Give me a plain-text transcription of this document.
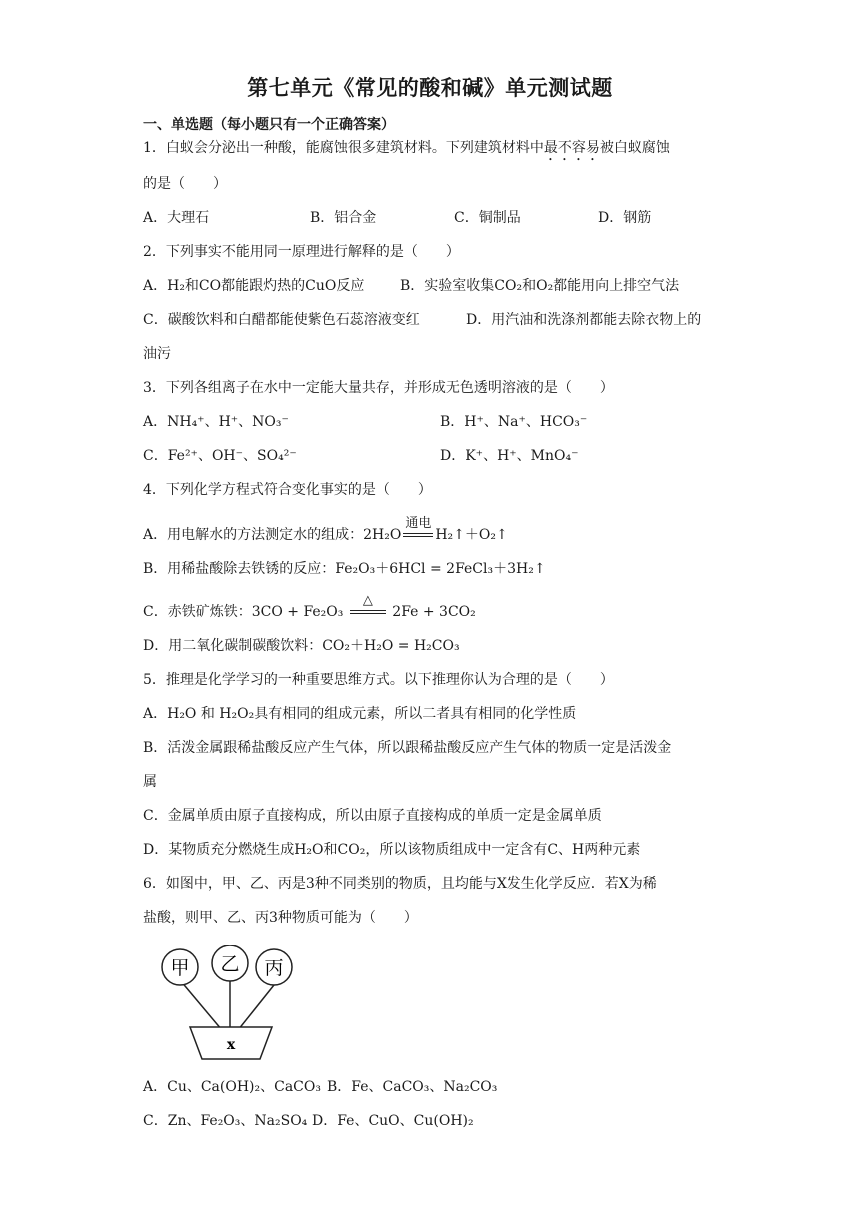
第七单元《常见的酸和碱》单元测试题
一、单选题（每小题只有一个正确答案）
1．白蚁会分泌出一种酸，能腐蚀很多建筑材料。下列建筑材料中最不容易被白蚁腐蚀
的是（　　）
A．大理石	B．铝合金	C．铜制品	D．钢筋
2．下列事实不能用同一原理进行解释的是（　　）
A．H₂和CO都能跟灼热的CuO反应	B．实验室收集CO₂和O₂都能用向上排空气法
C．碳酸饮料和白醋都能使紫色石蕊溶液变红	D．用汽油和洗涤剂都能去除衣物上的
油污
3．下列各组离子在水中一定能大量共存，并形成无色透明溶液的是（　　）
A．NH₄⁺、H⁺、NO₃⁻	B．H⁺、Na⁺、HCO₃⁻
C．Fe²⁺、OH⁻、SO₄²⁻	D．K⁺、H⁺、MnO₄⁻
4．下列化学方程式符合变化事实的是（　　）
A．用电解水的方法测定水的组成：2H₂O
通电
H₂↑＋O₂↑
B．用稀盐酸除去铁锈的反应：Fe₂O₃＋6HCl = 2FeCl₃＋3H₂↑
C．赤铁矿炼铁：3CO + Fe₂O₃
△
2Fe + 3CO₂
D．用二氧化碳制碳酸饮料：CO₂＋H₂O = H₂CO₃
5．推理是化学学习的一种重要思维方式。以下推理你认为合理的是（　　）
A．H₂O 和 H₂O₂具有相同的组成元素，所以二者具有相同的化学性质
B．活泼金属跟稀盐酸反应产生气体，所以跟稀盐酸反应产生气体的物质一定是活泼金
属
C．金属单质由原子直接构成，所以由原子直接构成的单质一定是金属单质
D．某物质充分燃烧生成H₂O和CO₂，所以该物质组成中一定含有C、H两种元素
6．如图中，甲、乙、丙是3种不同类别的物质，且均能与X发生化学反应．若X为稀
盐酸，则甲、乙、丙3种物质可能为（　　）
甲 乙 丙
x
A．Cu、Ca(OH)₂、CaCO₃ B．Fe、CaCO₃、Na₂CO₃
C．Zn、Fe₂O₃、Na₂SO₄ D．Fe、CuO、Cu(OH)₂
